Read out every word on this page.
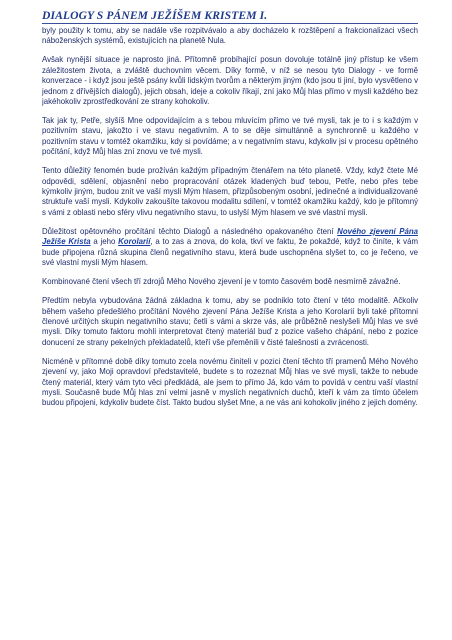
DIALOGY S PÁNEM JEŽÍŠEM KRISTEM I.

byly použity k tomu, aby se nadále vše rozpitvávalo a aby docházelo k rozštěpení a frakcionalizaci všech náboženských systémů, existujících na planetě Nula.

Avšak nynější situace je naprosto jiná. Přítomně probíhající posun dovoluje totálně jiný přístup ke všem záležitostem života, a zvláště duchovním věcem. Díky formě, v níž se nesou tyto Dialogy - ve formě konverzace - i když jsou ještě psány kvůli lidským tvorům a některým jiným (kdo jsou ti jiní, bylo vysvětleno v jednom z dřívějších dialogů), jejich obsah, ideje a cokoliv říkají, zní jako Můj hlas přímo v mysli každého bez jakéhokoliv zprostředkování ze strany kohokoliv.

Tak jak ty, Petře, slyšíš Mne odpovídajícím a s tebou mluvícím přímo ve tvé mysli, tak je to i s každým v pozitivním stavu, jakožto i ve stavu negativním. A to se děje simultánně a synchronně u každého v pozitivním stavu v tomtéž okamžiku, kdy si povídáme; a v negativním stavu, kdykoliv jsi v procesu opětného počítání, když Můj hlas zní znovu ve tvé mysli.

Tento důležitý fenomén bude prožíván každým případným čtenářem na této planetě. Vždy, když čtete Mé odpovědi, sdělení, objasnění nebo propracování otázek kladených buď tebou, Petře, nebo přes tebe kýmkoliv jiným, budou znít ve vaší mysli Mým hlasem, přizpůsobeným osobní, jedinečné a individualizované struktuře vaší mysli. Kdykoliv zakoušíte takovou modalitu sdílení, v tomtéž okamžiku každý, kdo je přítomný s vámi z oblasti nebo sféry vlivu negativního stavu, to uslyší Mým hlasem ve své vlastní mysli.

Důležitost opětovného pročítání těchto Dialogů a následného opakovaného čtení Nového zjevení Pána Ježíše Krista a jeho Korolarií, a to zas a znova, do kola, tkví ve faktu, že pokaždé, když to činíte, k vám bude připojena různá skupina členů negativního stavu, která bude uschopněna slyšet to, co je řečeno, ve své vlastní mysli Mým hlasem.

Kombinované čtení všech tří zdrojů Mého Nového zjevení je v tomto časovém bodě nesmírně závažné.

Předtím nebyla vybudována žádná základna k tomu, aby se podniklo toto čtení v této modalitě. Ačkoliv během vašeho předešlého pročítání Nového zjevení Pána Ježíše Krista a jeho Korolarií byli také přítomni členové určitých skupin negativního stavu; četli s vámi a skrze vás, ale průběžně neslyšeli Můj hlas ve své mysli. Díky tomuto faktoru mohli interpretovat čtený materiál buď z pozice vašeho chápání, nebo z pozice donucení ze strany pekelných překladatelů, kteří vše přeměnili v čisté falešnosti a zvrácenosti.

Nicméně v přítomné době díky tomuto zcela novému činiteli v pozici čtení těchto tří pramenů Mého Nového zjevení vy, jako Moji opravdoví představitelé, budete s to rozeznat Můj hlas ve své mysli, takže to nebude čtený materiál, který vám tyto věci předkládá, ale jsem to přímo Já, kdo vám to povídá v centru vaší vlastní mysli. Současně bude Můj hlas zní velmi jasně v myslích negativních duchů, kteří k vám za tímto účelem budou připojeni, kdykoliv budete číst. Takto budou slyšet Mne, a ne vás ani kohokoliv jiného z jejich domény.
